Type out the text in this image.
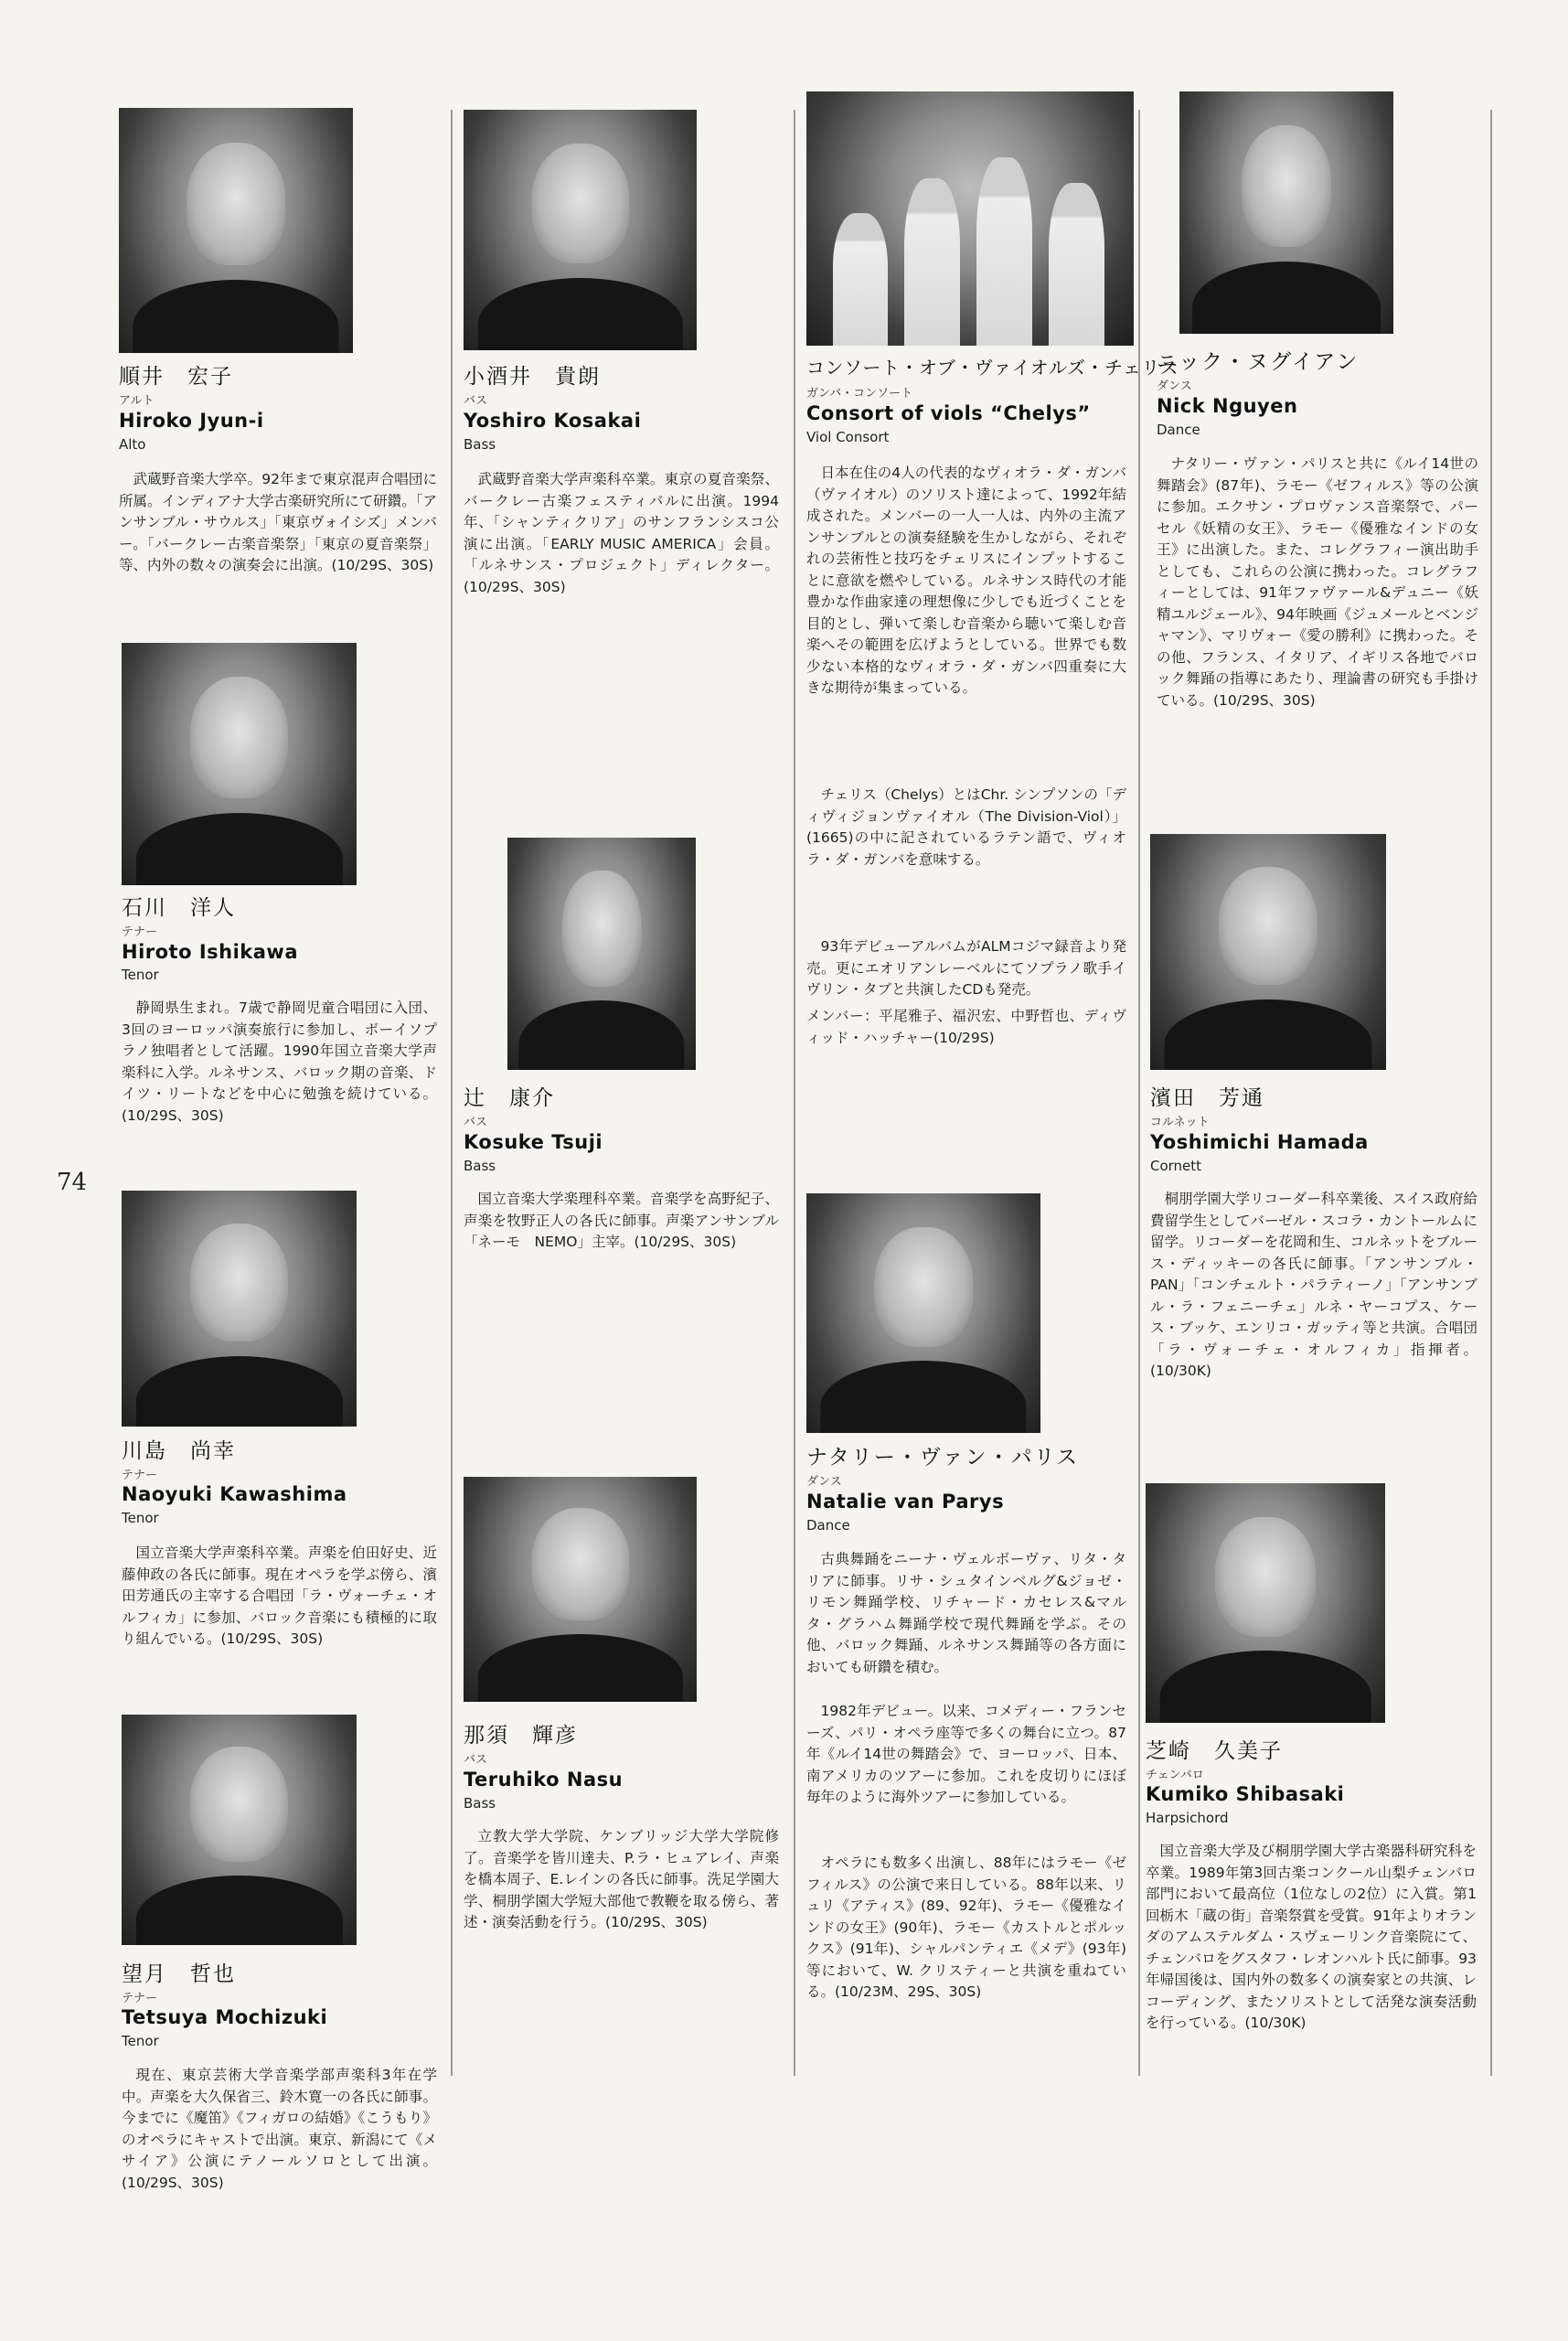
74
順井　宏子
アルト
Hiroko Jyun-i
Alto
武蔵野音楽大学卒。92年まで東京混声合唱団に所属。インディアナ大学古楽研究所にて研鑽。「アンサンブル・サウルス」「東京ヴォイシズ」メンバー。「バークレー古楽音楽祭」「東京の夏音楽祭」等、内外の数々の演奏会に出演。(10/29S、30S)
石川　洋人
テナー
Hiroto Ishikawa
Tenor
静岡県生まれ。7歳で静岡児童合唱団に入団、3回のヨーロッパ演奏旅行に参加し、ボーイソプラノ独唱者として活躍。1990年国立音楽大学声楽科に入学。ルネサンス、バロック期の音楽、ドイツ・リートなどを中心に勉強を続けている。(10/29S、30S)
川島　尚幸
テナー
Naoyuki Kawashima
Tenor
国立音楽大学声楽科卒業。声楽を伯田好史、近藤伸政の各氏に師事。現在オペラを学ぶ傍ら、濱田芳通氏の主宰する合唱団「ラ・ヴォーチェ・オルフィカ」に参加、バロック音楽にも積極的に取り組んでいる。(10/29S、30S)
望月　哲也
テナー
Tetsuya Mochizuki
Tenor
現在、東京芸術大学音楽学部声楽科3年在学中。声楽を大久保省三、鈴木寛一の各氏に師事。今までに《魔笛》《フィガロの結婚》《こうもり》のオペラにキャストで出演。東京、新潟にて《メサイア》公演にテノールソロとして出演。(10/29S、30S)
小酒井　貴朗
バス
Yoshiro Kosakai
Bass
武蔵野音楽大学声楽科卒業。東京の夏音楽祭、バークレー古楽フェスティバルに出演。1994年、「シャンティクリア」のサンフランシスコ公演に出演。「EARLY MUSIC AMERICA」会員。「ルネサンス・プロジェクト」ディレクター。(10/29S、30S)
辻　康介
バス
Kosuke Tsuji
Bass
国立音楽大学楽理科卒業。音楽学を高野紀子、声楽を牧野正人の各氏に師事。声楽アンサンブル「ネーモ　NEMO」主宰。(10/29S、30S)
那須　輝彦
バス
Teruhiko Nasu
Bass
立教大学大学院、ケンブリッジ大学大学院修了。音楽学を皆川達夫、P.ラ・ヒュアレイ、声楽を橋本周子、E.レインの各氏に師事。洗足学園大学、桐朋学園大学短大部他で教鞭を取る傍ら、著述・演奏活動を行う。(10/29S、30S)
コンソート・オブ・ヴァイオルズ・チェリス
ガンバ・コンソート
Consort of viols “Chelys”
Viol Consort
日本在住の4人の代表的なヴィオラ・ダ・ガンバ（ヴァイオル）のソリスト達によって、1992年結成された。メンバーの一人一人は、内外の主流アンサンブルとの演奏経験を生かしながら、それぞれの芸術性と技巧をチェリスにインプットすることに意欲を燃やしている。ルネサンス時代の才能豊かな作曲家達の理想像に少しでも近づくことを目的とし、弾いて楽しむ音楽から聴いて楽しむ音楽へその範囲を広げようとしている。世界でも数少ない本格的なヴィオラ・ダ・ガンバ四重奏に大きな期待が集まっている。
チェリス（Chelys）とはChr. シンプソンの「ディヴィジョンヴァイオル（The Division-Viol）」(1665)の中に記されているラテン語で、ヴィオラ・ダ・ガンバを意味する。
93年デビューアルバムがALMコジマ録音より発売。更にエオリアンレーベルにてソプラノ歌手イヴリン・タブと共演したCDも発売。
メンバー：平尾雅子、福沢宏、中野哲也、ディヴィッド・ハッチャー(10/29S)
ナタリー・ヴァン・パリス
ダンス
Natalie van Parys
Dance
古典舞踊をニーナ・ヴェルボーヴァ、リタ・タリアに師事。リサ・シュタインベルグ&ジョゼ・リモン舞踊学校、リチャード・カセレス&マルタ・グラハム舞踊学校で現代舞踊を学ぶ。その他、バロック舞踊、ルネサンス舞踊等の各方面においても研鑽を積む。
1982年デビュー。以来、コメディー・フランセーズ、パリ・オペラ座等で多くの舞台に立つ。87年《ルイ14世の舞踏会》で、ヨーロッパ、日本、南アメリカのツアーに参加。これを皮切りにほぼ毎年のように海外ツアーに参加している。
オペラにも数多く出演し、88年にはラモー《ゼフィルス》の公演で来日している。88年以来、リュリ《アティス》(89、92年)、ラモー《優雅なインドの女王》(90年)、ラモー《カストルとポルックス》(91年)、シャルパンティエ《メデ》(93年)等において、W. クリスティーと共演を重ねている。(10/23M、29S、30S)
ニック・ヌグイアン
ダンス
Nick Nguyen
Dance
ナタリー・ヴァン・パリスと共に《ルイ14世の舞踏会》(87年)、ラモー《ゼフィルス》等の公演に参加。エクサン・プロヴァンス音楽祭で、パーセル《妖精の女王》、ラモー《優雅なインドの女王》に出演した。また、コレグラフィー演出助手としても、これらの公演に携わった。コレグラフィーとしては、91年ファヴァール&デュニー《妖精ユルジェール》、94年映画《ジュメールとベンジャマン》、マリヴォー《愛の勝利》に携わった。その他、フランス、イタリア、イギリス各地でバロック舞踊の指導にあたり、理論書の研究も手掛けている。(10/29S、30S)
濱田　芳通
コルネット
Yoshimichi Hamada
Cornett
桐朋学園大学リコーダー科卒業後、スイス政府給費留学生としてバーゼル・スコラ・カントールムに留学。リコーダーを花岡和生、コルネットをブルース・ディッキーの各氏に師事。「アンサンブル・PAN」「コンチェルト・パラティーノ」「アンサンブル・ラ・フェニーチェ」ルネ・ヤーコプス、ケース・ブッケ、エンリコ・ガッティ等と共演。合唱団「ラ・ヴォーチェ・オルフィカ」指揮者。(10/30K)
芝崎　久美子
チェンバロ
Kumiko Shibasaki
Harpsichord
国立音楽大学及び桐朋学園大学古楽器科研究科を卒業。1989年第3回古楽コンクール山梨チェンバロ部門において最高位（1位なしの2位）に入賞。第1回栃木「蔵の街」音楽祭賞を受賞。91年よりオランダのアムステルダム・スヴェーリンク音楽院にて、チェンバロをグスタフ・レオンハルト氏に師事。93年帰国後は、国内外の数多くの演奏家との共演、レコーディング、またソリストとして活発な演奏活動を行っている。(10/30K)
